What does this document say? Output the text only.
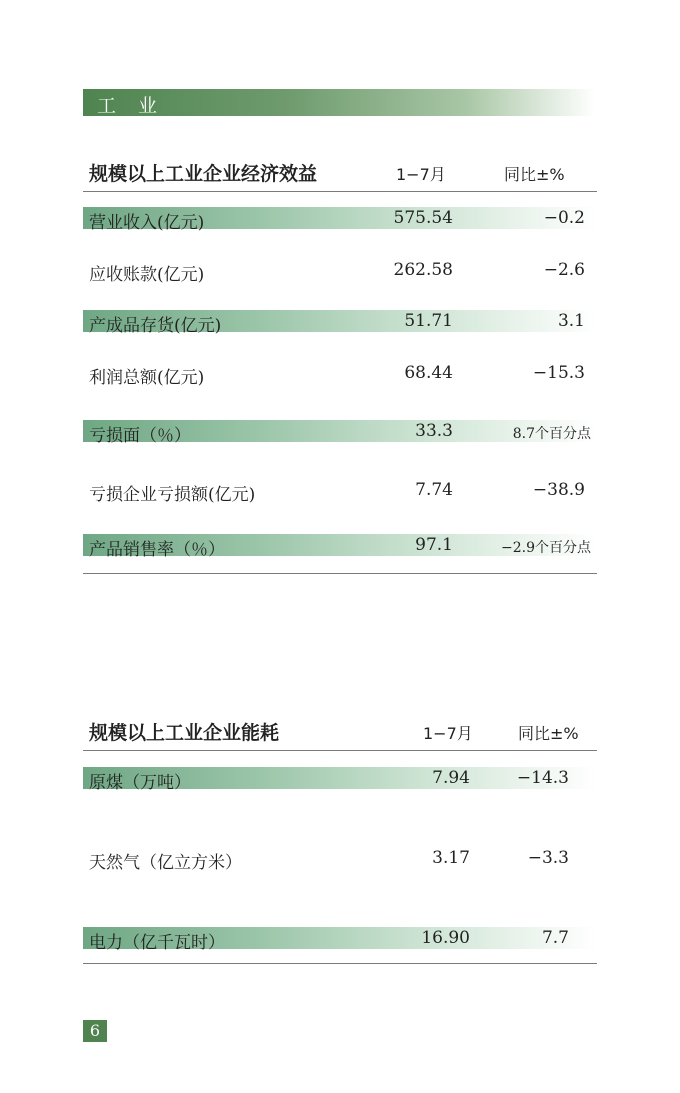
工 业
规模以上工业企业经济效益	1−7月	同比±%
营业收入(亿元)	575.54	−0.2
应收账款(亿元)	262.58	−2.6
产成品存货(亿元)	51.71	3.1
利润总额(亿元)	68.44	−15.3
亏损面（％）	33.3	8.7个百分点
亏损企业亏损额(亿元)	7.74	−38.9
产品销售率（％）	97.1	−2.9个百分点
规模以上工业企业能耗	1−7月	同比±%
原煤（万吨）	7.94	−14.3
天然气（亿立方米）	3.17	−3.3
电力（亿千瓦时）	16.90	7.7
6
